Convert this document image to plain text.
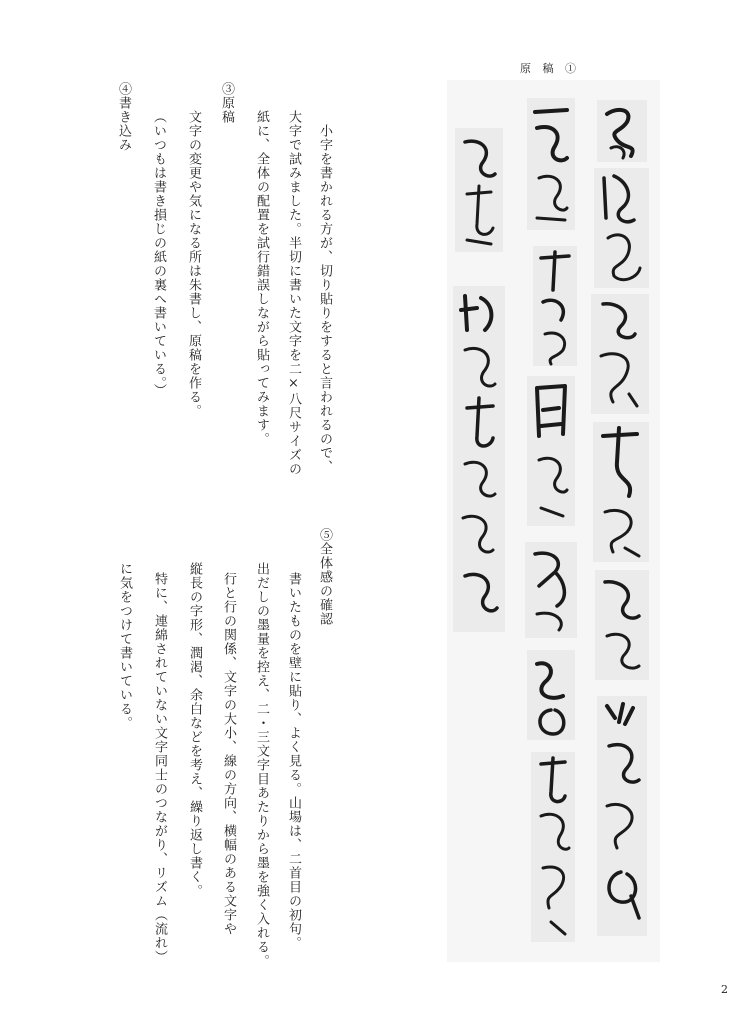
原 稿 ①
④書き込み	③原稿
文字の変更や気になる所は朱書し、原稿を作る。
（いつもは書き損じの紙の裏へ書いている。）	小字を書かれる方が、切り貼りをすると言われるので、
大字で試みました。半切に書いた文字を二×八尺サイズの
紙に、全体の配置を試行錯誤しながら貼ってみます。
⑤全体感の確認
書いたものを壁に貼り、よく見る。山場は、二首目の初句。
出だしの墨量を控え、二・三文字目あたりから墨を強く入れる。
行と行の関係、文字の大小、線の方向、横幅のある文字や
縦長の字形、潤渇、余白などを考え、繰り返し書く。
特に、連綿されていない文字同士のつながり、リズム（流れ）
に気をつけて書いている。
2
